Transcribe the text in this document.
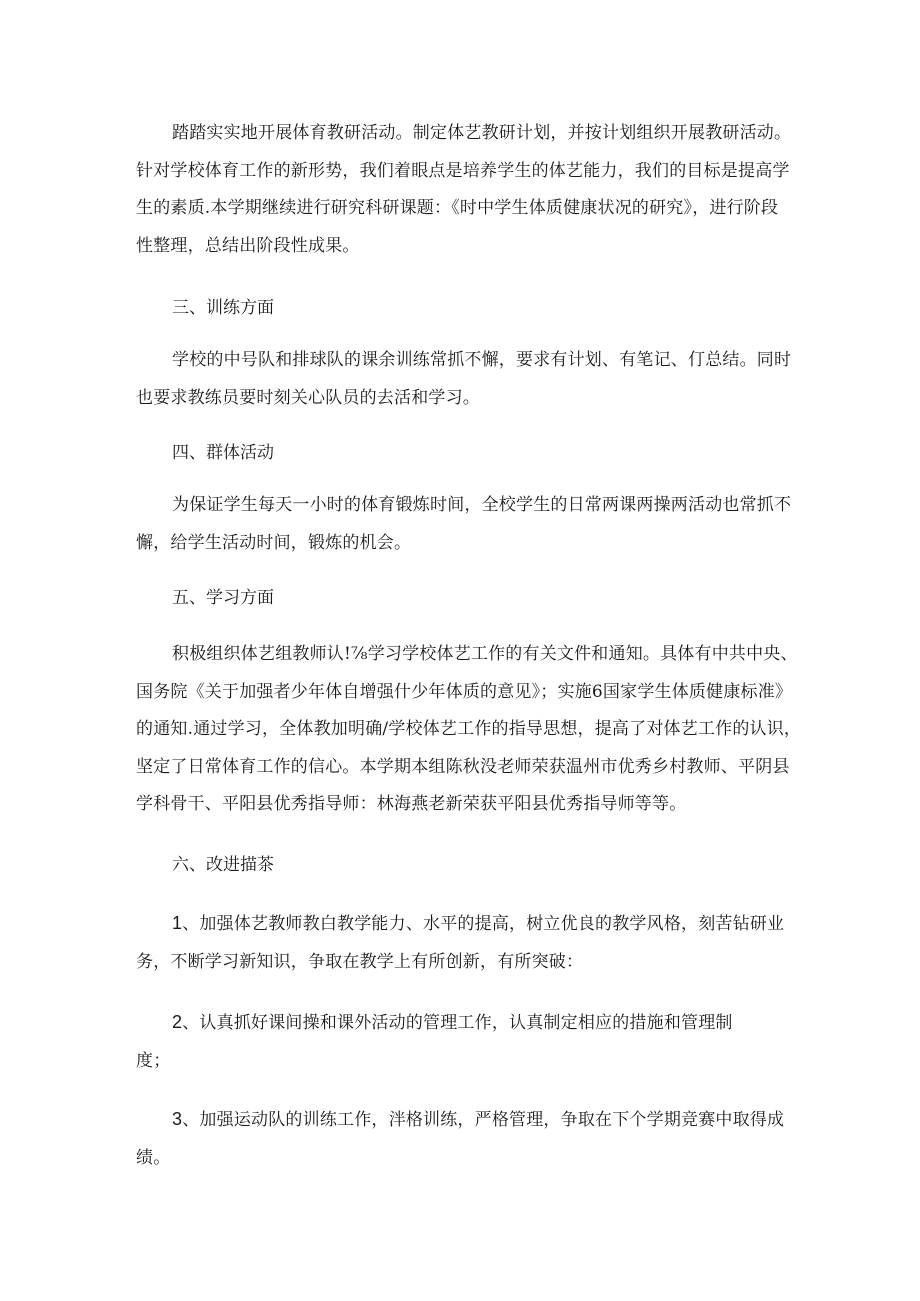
踏踏实实地开展体育教研活动。制定体艺教研计划，并按计划组织开展教研活动。
针对学校体育工作的新形势，我们着眼点是培养学生的体艺能力，我们的目标是提高学
生的素质.本学期继续进行研究科研课题：《时中学生体质健康状况的研究》，进行阶段
性整理，总结出阶段性成果。

三、训练方面

学校的中号队和排球队的课余训练常抓不懈，要求有计划、有笔记、仃总结。同时
也要求教练员要时刻关心队员的去活和学习。

四、群体活动

为保证学生每天一小时的体育锻炼时间，全校学生的日常两课两操两活动也常抓不
懈，给学生活动时间，锻炼的机会。

五、学习方面

积极组织体艺组教师认!⅞学习学校体艺工作的有关文件和通知。具体有中共中央、
国务院《关于加强者少年体自增强什少年体质的意见》；实施6国家学生体质健康标准》
的通知.通过学习，全体教加明确/学校体艺工作的指导思想，提高了对体艺工作的认识，
坚定了日常体育工作的信心。本学期本组陈秋没老师荣获温州市优秀乡村教师、平阴县
学科骨干、平阳县优秀指导师：林海燕老新荣获平阳县优秀指导师等等。

六、改进描茶

1、加强体艺教师教白教学能力、水平的提高，树立优良的教学风格，刻苦钻研业
务，不断学习新知识，争取在教学上有所创新，有所突破：
2、认真抓好课间操和课外活动的管理工作，认真制定相应的措施和管理制
度；
3、加强运动队的训练工作，泮格训练，严格管理，争取在下个学期竞赛中取得成
绩。
